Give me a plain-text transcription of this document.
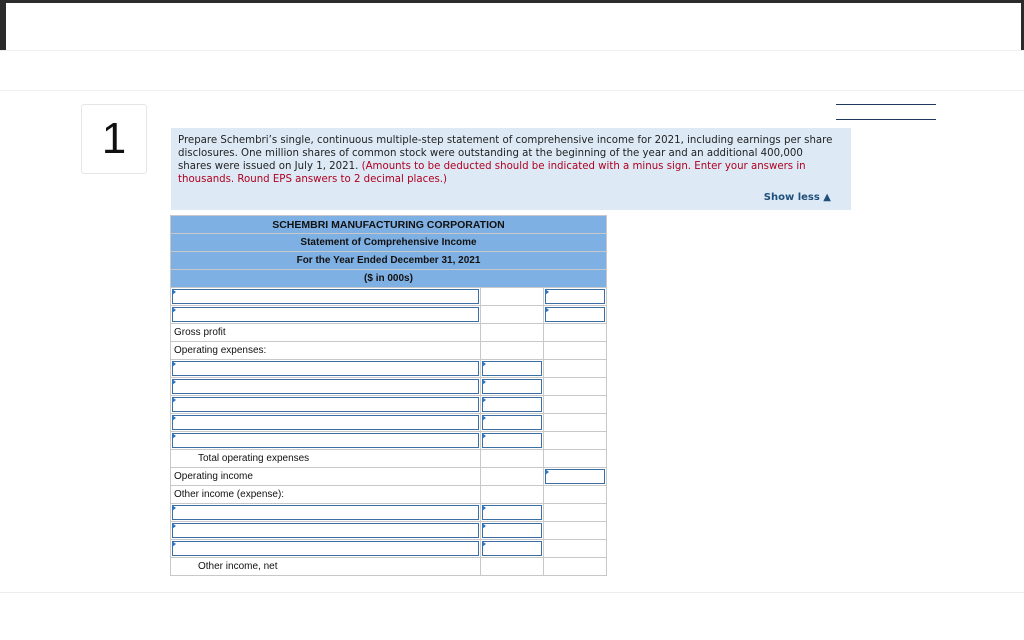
1	Prepare Schembri’s single, continuous multiple-step statement of comprehensive income for 2021, including earnings per share disclosures. One million shares of common stock were outstanding at the beginning of the year and an additional 400,000 shares were issued on July 1, 2021. (Amounts to be deducted should be indicated with a minus sign. Enter your answers in thousands. Round EPS answers to 2 decimal places.)
Show less ▲
SCHEMBRI MANUFACTURING CORPORATION		
Statement of Comprehensive Income		
For the Year Ended December 31, 2021		
($ in 000s)		

Gross profit		
Operating expenses:		

Total operating expenses		
Operating income		

Other income (expense):		

Other income, net		
